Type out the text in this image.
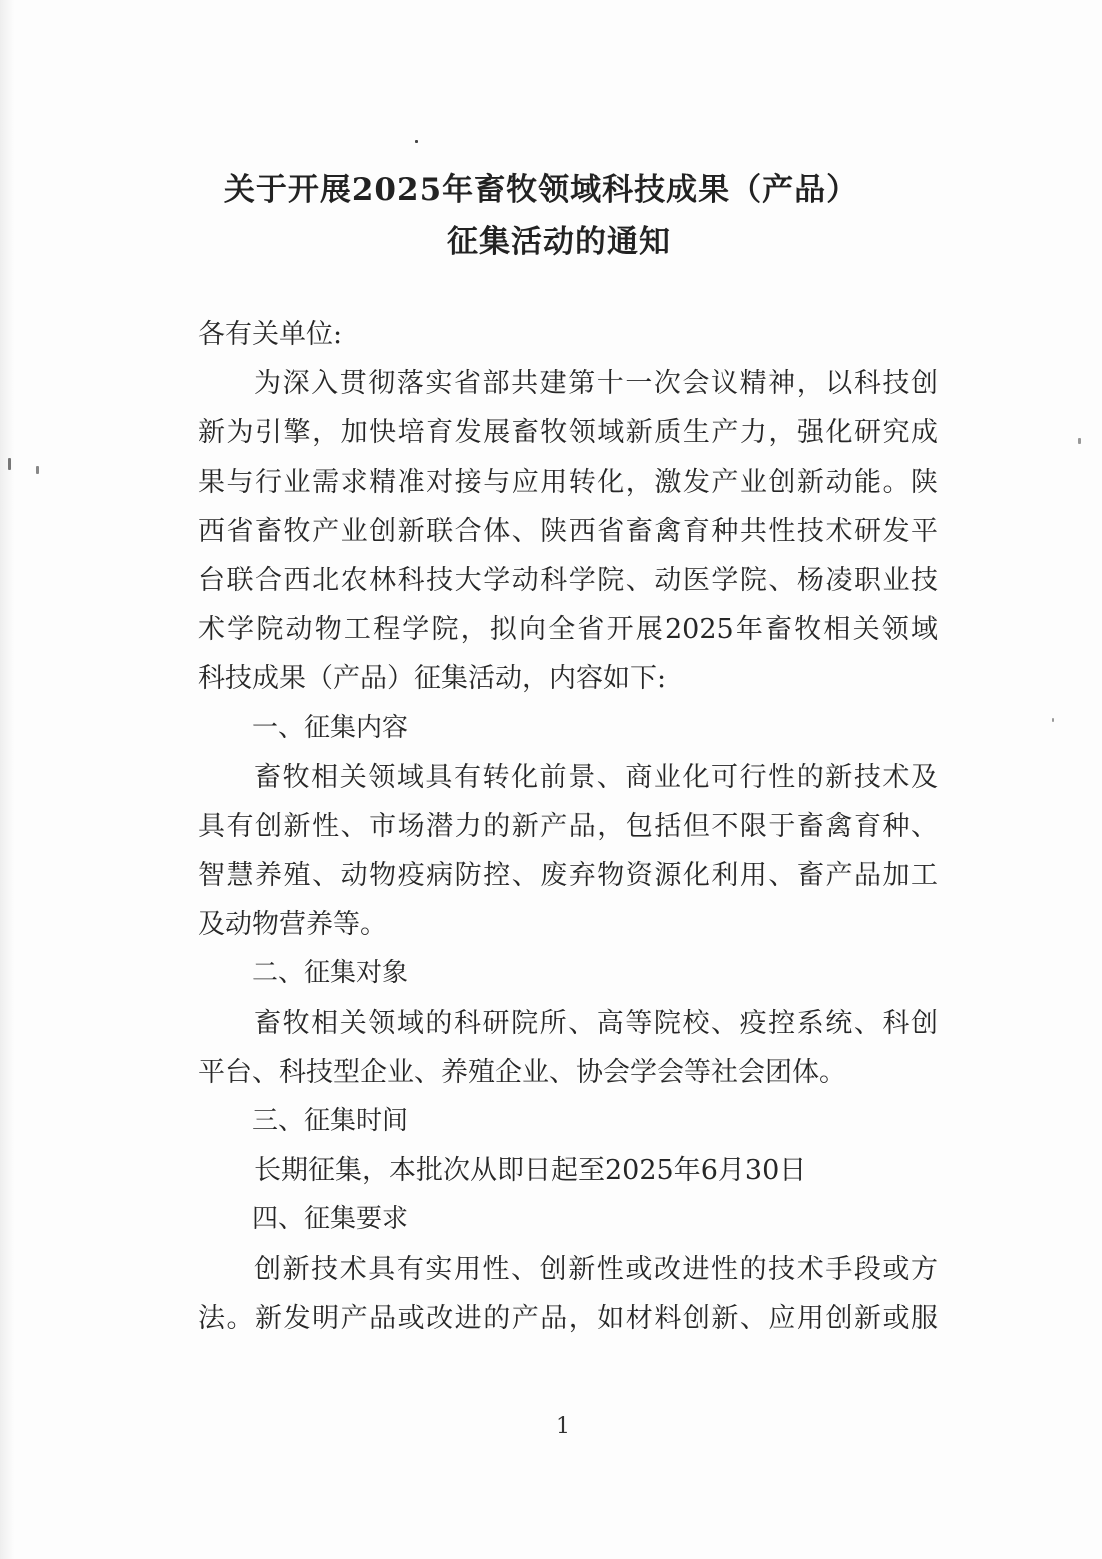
关于开展2025年畜牧领域科技成果（产品）
征集活动的通知
各有关单位:
为深入贯彻落实省部共建第十一次会议精神，以科技创
新为引擎，加快培育发展畜牧领域新质生产力，强化研究成
果与行业需求精准对接与应用转化，激发产业创新动能。陕
西省畜牧产业创新联合体、陕西省畜禽育种共性技术研发平
台联合西北农林科技大学动科学院、动医学院、杨凌职业技
术学院动物工程学院，拟向全省开展2025年畜牧相关领域
科技成果（产品）征集活动，内容如下:
一、征集内容
畜牧相关领域具有转化前景、商业化可行性的新技术及
具有创新性、市场潜力的新产品，包括但不限于畜禽育种、
智慧养殖、动物疫病防控、废弃物资源化利用、畜产品加工
及动物营养等。
二、征集对象
畜牧相关领域的科研院所、高等院校、疫控系统、科创
平台、科技型企业、养殖企业、协会学会等社会团体。
三、征集时间
长期征集，本批次从即日起至2025年6月30日
四、征集要求
创新技术具有实用性、创新性或改进性的技术手段或方
法。新发明产品或改进的产品，如材料创新、应用创新或服
1
